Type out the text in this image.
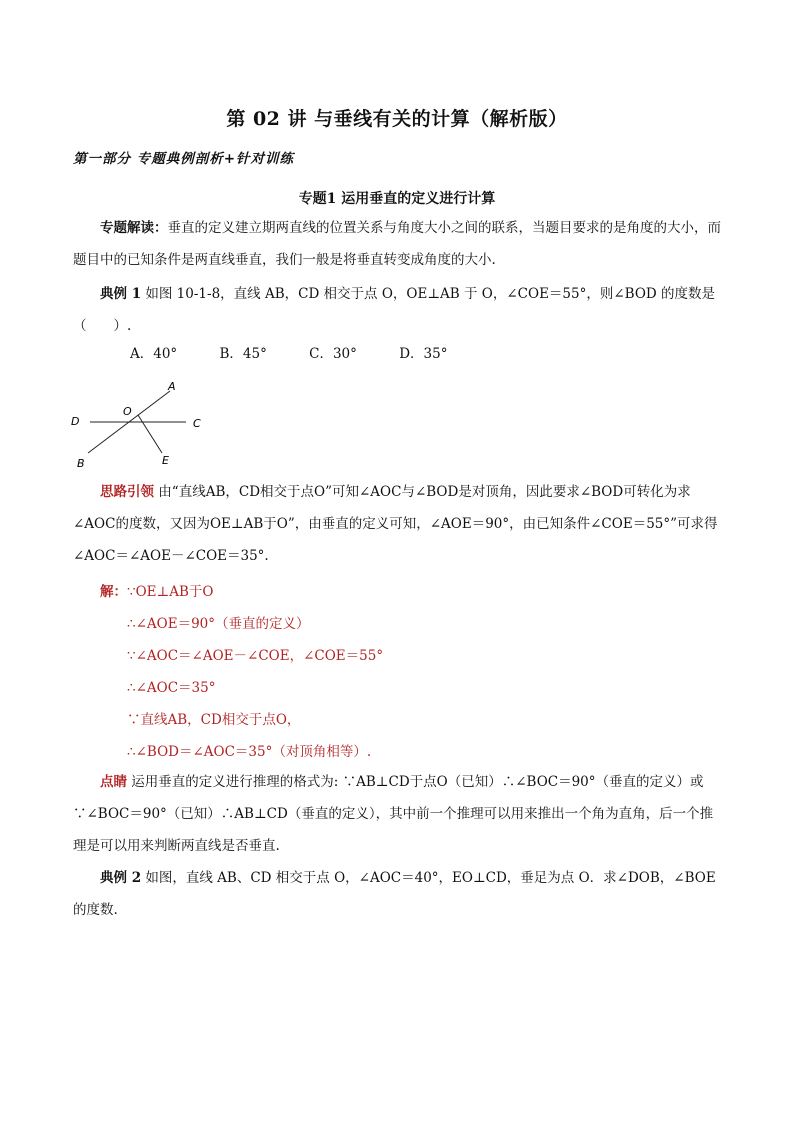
第 02 讲 与垂线有关的计算（解析版）
第一部分 专题典例剖析+针对训练
专题1 运用垂直的定义进行计算
专题解读：垂直的定义建立期两直线的位置关系与角度大小之间的联系，当题目要求的是角度的大小，而题目中的已知条件是两直线垂直，我们一般是将垂直转变成角度的大小.
典例 1 如图 10-1-8，直线 AB，CD 相交于点 O，OE⊥AB 于 O，∠COE＝55°，则∠BOD 的度数是（　　）.
A．40°	B．45°	C．30°	D．35°
A
O
D	C
B	E
思路引领 由“直线AB，CD相交于点O”可知∠AOC与∠BOD是对顶角，因此要求∠BOD可转化为求∠AOC的度数，又因为OE⊥AB于O”，由垂直的定义可知，∠AOE＝90°，由已知条件∠COE＝55°”可求得∠AOC＝∠AOE－∠COE＝35°.
解：∵OE⊥AB于O
∴∠AOE＝90°（垂直的定义）
∵∠AOC＝∠AOE－∠COE，∠COE＝55°
∴∠AOC＝35°
∵直线AB，CD相交于点O，
∴∠BOD＝∠AOC＝35°（对顶角相等）.
点睛 运用垂直的定义进行推理的格式为: ∵AB⊥CD于点O（已知）∴∠BOC＝90°（垂直的定义）或∵∠BOC＝90°（已知）∴AB⊥CD（垂直的定义），其中前一个推理可以用来推出一个角为直角，后一个推理是可以用来判断两直线是否垂直.
典例 2 如图，直线 AB、CD 相交于点 O，∠AOC＝40°，EO⊥CD，垂足为点 O．求∠DOB，∠BOE 的度数.
